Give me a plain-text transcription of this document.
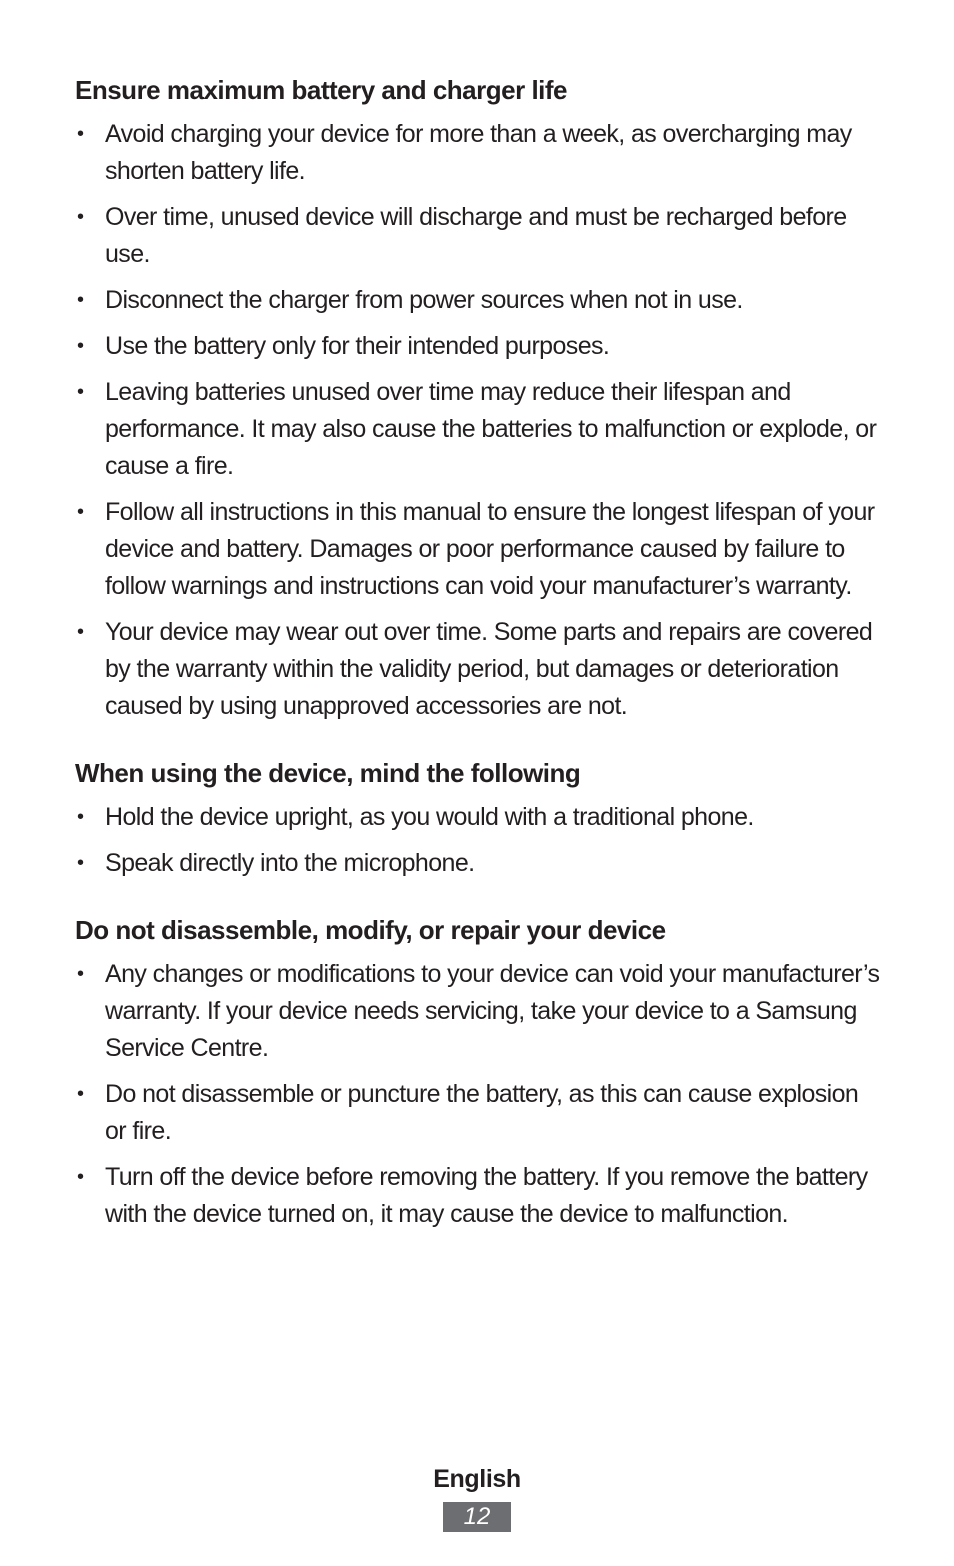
Ensure maximum battery and charger life
• Avoid charging your device for more than a week, as overcharging may shorten battery life.
• Over time, unused device will discharge and must be recharged before use.
• Disconnect the charger from power sources when not in use.
• Use the battery only for their intended purposes.
• Leaving batteries unused over time may reduce their lifespan and performance. It may also cause the batteries to malfunction or explode, or cause a fire.
• Follow all instructions in this manual to ensure the longest lifespan of your device and battery. Damages or poor performance caused by failure to follow warnings and instructions can void your manufacturer’s warranty.
• Your device may wear out over time. Some parts and repairs are covered by the warranty within the validity period, but damages or deterioration caused by using unapproved accessories are not.
When using the device, mind the following
• Hold the device upright, as you would with a traditional phone.
• Speak directly into the microphone.
Do not disassemble, modify, or repair your device
• Any changes or modifications to your device can void your manufacturer’s warranty. If your device needs servicing, take your device to a Samsung Service Centre.
• Do not disassemble or puncture the battery, as this can cause explosion or fire.
• Turn off the device before removing the battery. If you remove the battery with the device turned on, it may cause the device to malfunction.
English
12
